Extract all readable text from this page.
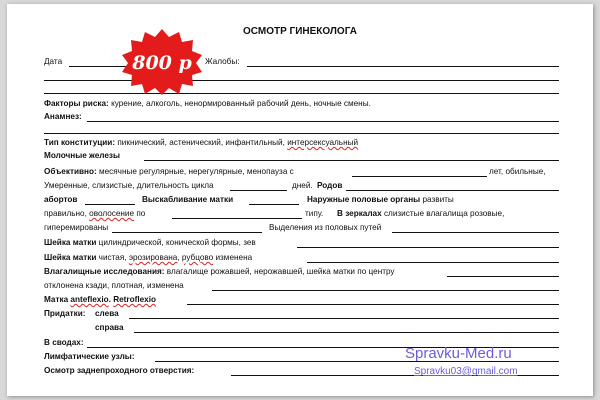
ОСМОТР ГИНЕКОЛОГА
Дата	Жалобы:
Факторы риска: курение, алкоголь, ненормированный рабочий день, ночные смены.
Анамнез:
Тип конституции: пикнический, астенический, инфантильный, интерсексуальный
Молочные железы
Объективно: месячные регулярные, нерегулярные, менопауза с	лет, обильные,
Умеренные, слизистые, длительность цикла	дней. Родов
абортов	Выскабливание матки	Наружные половые органы развиты
правильно, оволосение по	типу. В зеркалах слизистые влагалища розовые,
гиперемированы	Выделения из половых путей
Шейка матки цилиндрической, конической формы, зев
Шейка матки чистая, эрозирована, рубцово изменена
Влагалищные исследования: влагалище рожавшей, нерожавшей, шейка матки по центру
отклонена кзади, плотная, изменена
Матка anteflexio. Retroflexio
Придатки: слева
справа
В сводах:
Лимфатические узлы:
Осмотр заднепроходного отверстия:
800 р
Spravku-Med.ru
Spravku03@gmail.com
